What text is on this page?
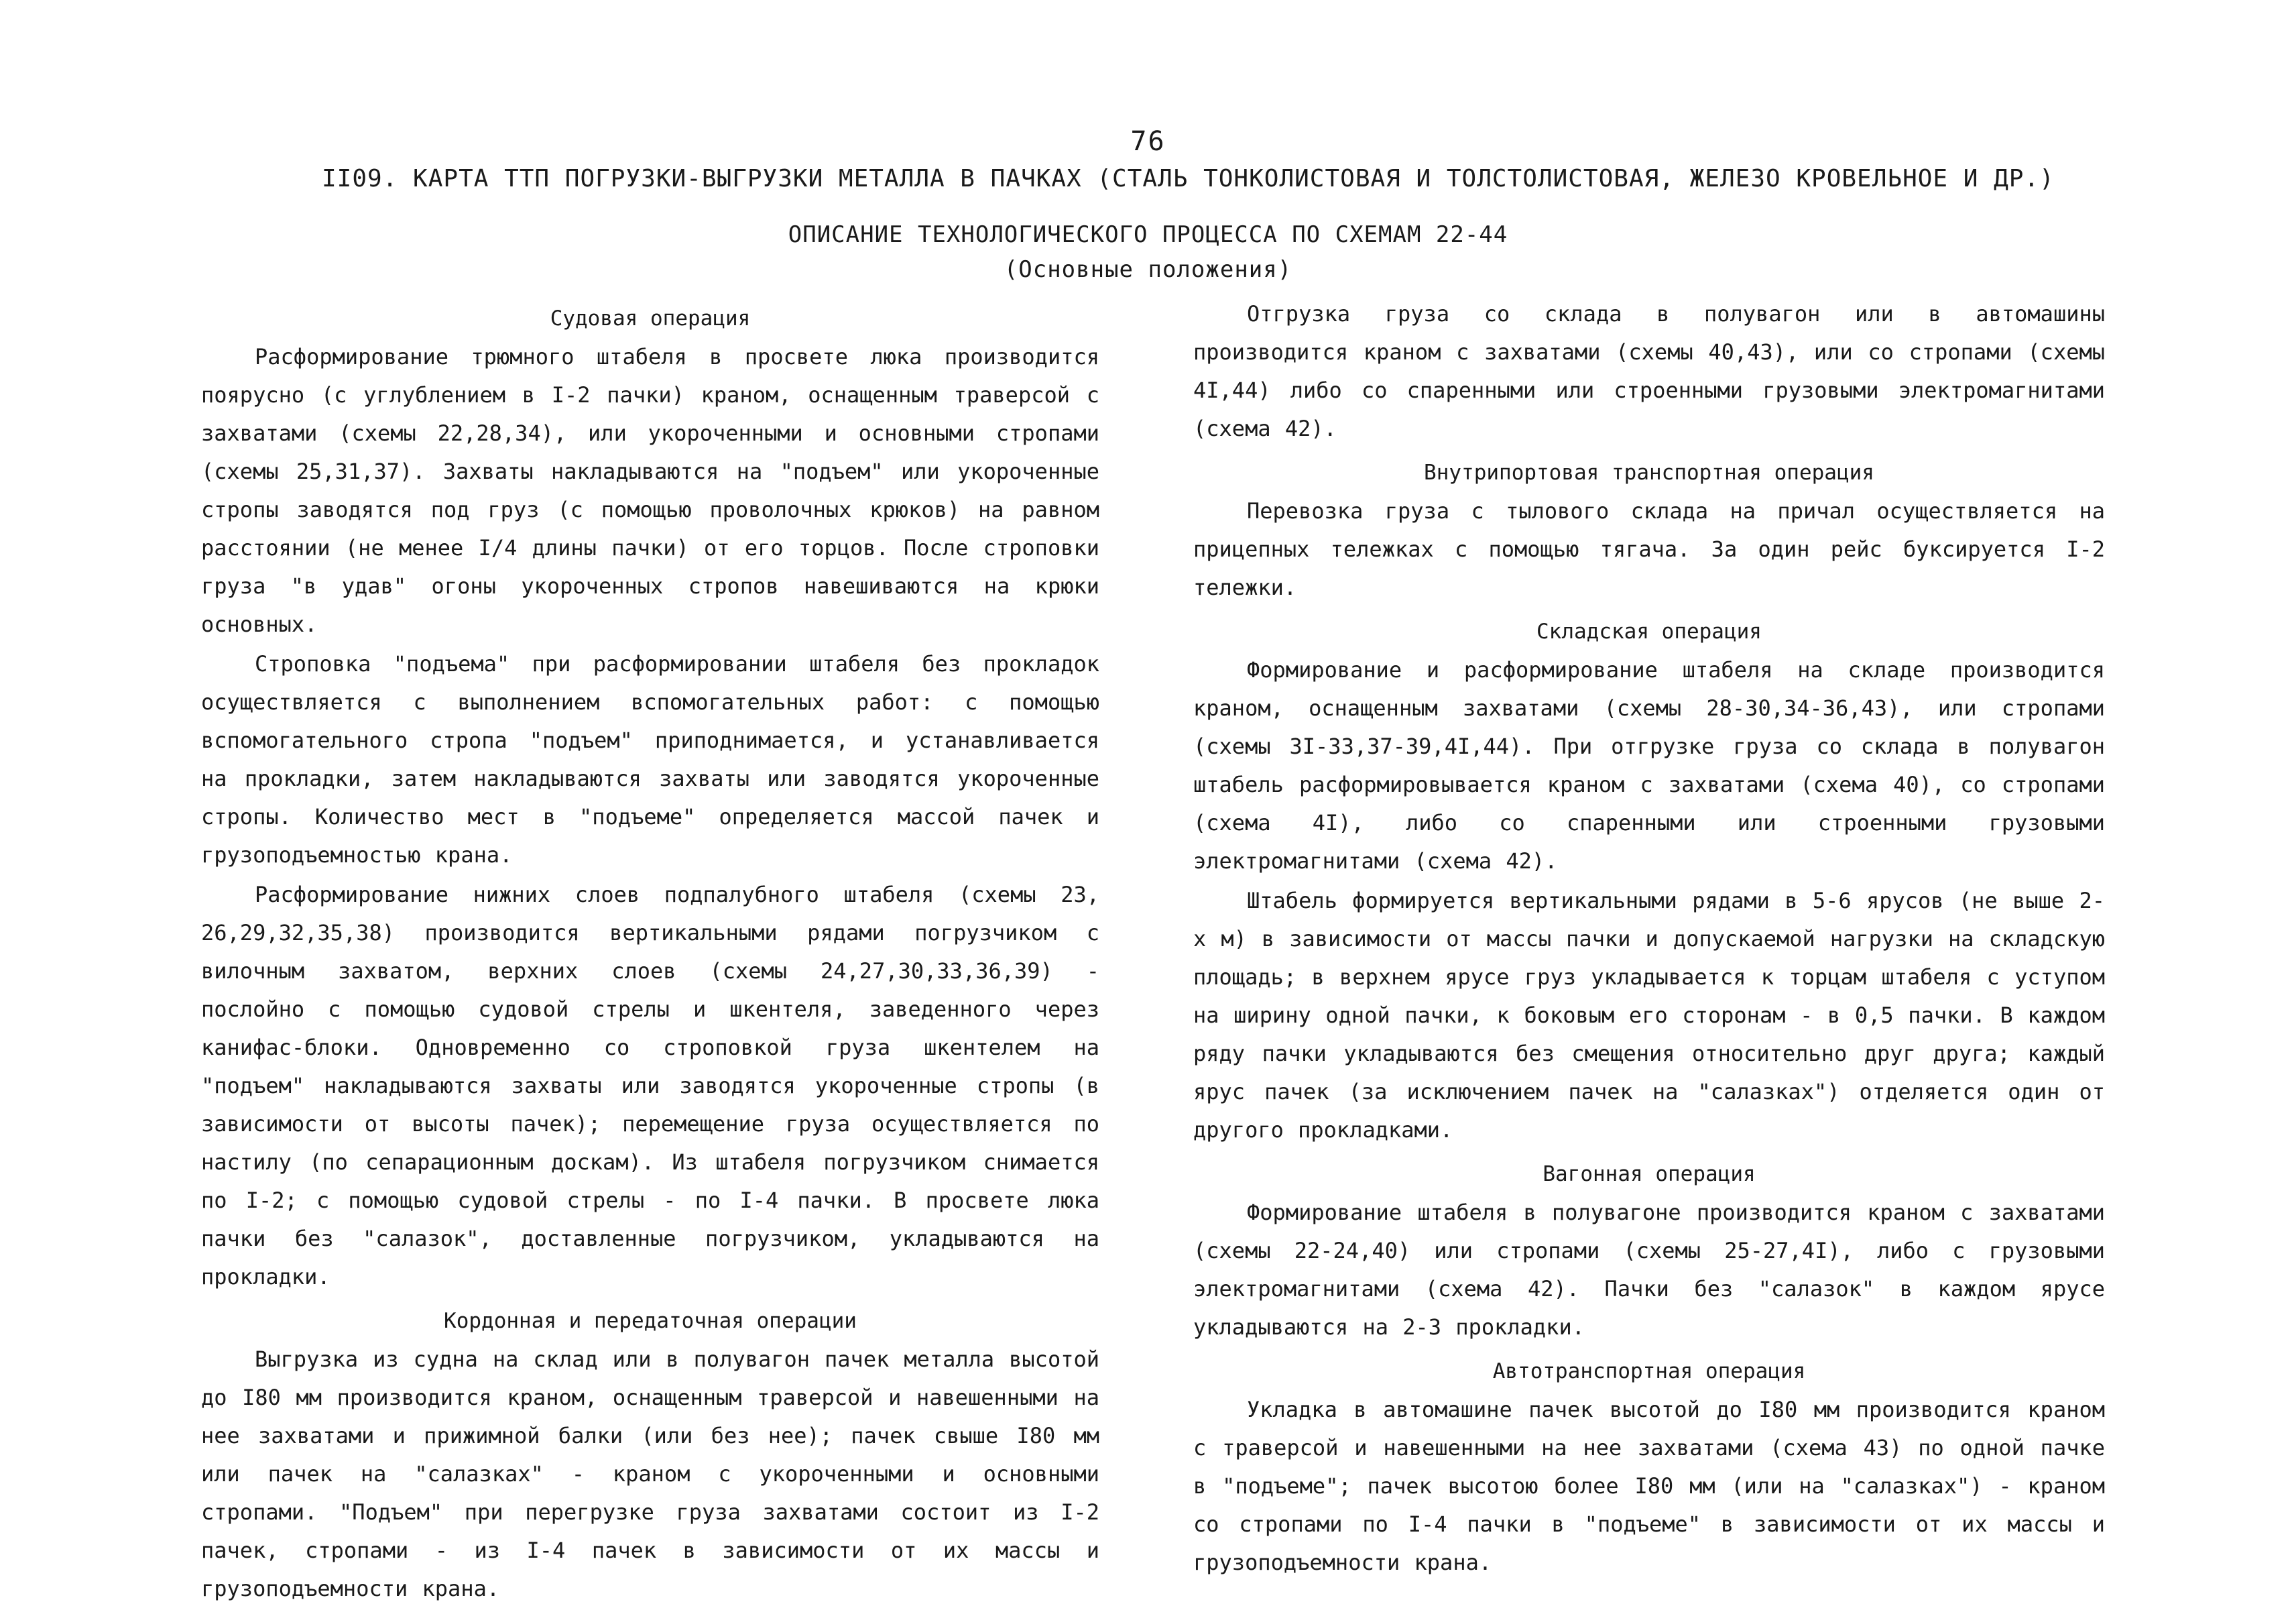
76
II09. КАРТА ТТП ПОГРУЗКИ-ВЫГРУЗКИ МЕТАЛЛА В ПАЧКАХ (СТАЛЬ ТОНКОЛИСТОВАЯ И ТОЛСТОЛИСТОВАЯ, ЖЕЛЕЗО КРОВЕЛЬНОЕ И ДР.)
ОПИСАНИЕ ТЕХНОЛОГИЧЕСКОГО ПРОЦЕССА ПО СХЕМАМ 22-44
(Основные положения)
Судовая операция

Расформирование трюмного штабеля в просвете люка производится поярусно (с углублением в I-2 пачки) краном, оснащенным траверсой с захватами (схемы 22,28,34), или укороченными и основными стропами (схемы 25,31,37). Захваты накладываются на "подъем" или укороченные стропы заводятся под груз (с помощью проволочных крюков) на равном расстоянии (не менее I/4 длины пачки) от его торцов. После строповки груза "в удав" огоны укороченных стропов навешиваются на крюки основных.

Строповка "подъема" при расформировании штабеля без прокладок осуществляется с выполнением вспомогательных работ: с помощью вспомогательного стропа "подъем" приподнимается, и устанавливается на прокладки, затем накладываются захваты или заводятся укороченные стропы. Количество мест в "подъеме" определяется массой пачек и грузоподъемностью крана.

Расформирование нижних слоев подпалубного штабеля (схемы 23, 26,29,32,35,38) производится вертикальными рядами погрузчиком с вилочным захватом, верхних слоев (схемы 24,27,30,33,36,39) - послойно с помощью судовой стрелы и шкентеля, заведенного через канифас-блоки. Одновременно со строповкой груза шкентелем на "подъем" накладываются захваты или заводятся укороченные стропы (в зависимости от высоты пачек); перемещение груза осуществляется по настилу (по сепарационным доскам). Из штабеля погрузчиком снимается по I-2; с помощью судовой стрелы - по I-4 пачки. В просвете люка пачки без "салазок", доставленные погрузчиком, укладываются на прокладки.

Кордонная и передаточная операции

Выгрузка из судна на склад или в полувагон пачек металла высотой до I80 мм производится краном, оснащенным траверсой и навешенными на нее захватами и прижимной балки (или без нее); пачек свыше I80 мм или пачек на "салазках" - краном с укороченными и основными стропами. "Подъем" при перегрузке груза захватами состоит из I-2 пачек, стропами - из I-4 пачек в зависимости от их массы и грузоподъемности крана.

Отгрузка груза со склада в полувагон или в автомашины производится краном с захватами (схемы 40,43), или со стропами (схемы 4I,44) либо со спаренными или строенными грузовыми электромагнитами (схема 42).

Внутрипортовая транспортная операция

Перевозка груза с тылового склада на причал осуществляется на прицепных тележках с помощью тягача. За один рейс буксируется I-2 тележки.

Складская операция

Формирование и расформирование штабеля на складе производится краном, оснащенным захватами (схемы 28-30,34-36,43), или стропами (схемы 3I-33,37-39,4I,44). При отгрузке груза со склада в полувагон штабель расформировывается краном с захватами (схема 40), со стропами (схема 4I), либо со спаренными или строенными грузовыми электромагнитами (схема 42).

Штабель формируется вертикальными рядами в 5-6 ярусов (не выше 2-х м) в зависимости от массы пачки и допускаемой нагрузки на складскую площадь; в верхнем ярусе груз укладывается к торцам штабеля с уступом на ширину одной пачки, к боковым его сторонам - в 0,5 пачки. В каждом ряду пачки укладываются без смещения относительно друг друга; каждый ярус пачек (за исключением пачек на "салазках") отделяется один от другого прокладками.

Вагонная операция

Формирование штабеля в полувагоне производится краном с захватами (схемы 22-24,40) или стропами (схемы 25-27,4I), либо с грузовыми электромагнитами (схема 42). Пачки без "салазок" в каждом ярусе укладываются на 2-3 прокладки.

Автотранспортная операция

Укладка в автомашине пачек высотой до I80 мм производится краном с траверсой и навешенными на нее захватами (схема 43) по одной пачке в "подъеме"; пачек высотою более I80 мм (или на "салазках") - краном со стропами по I-4 пачки в "подъеме" в зависимости от их массы и грузоподъемности крана.
